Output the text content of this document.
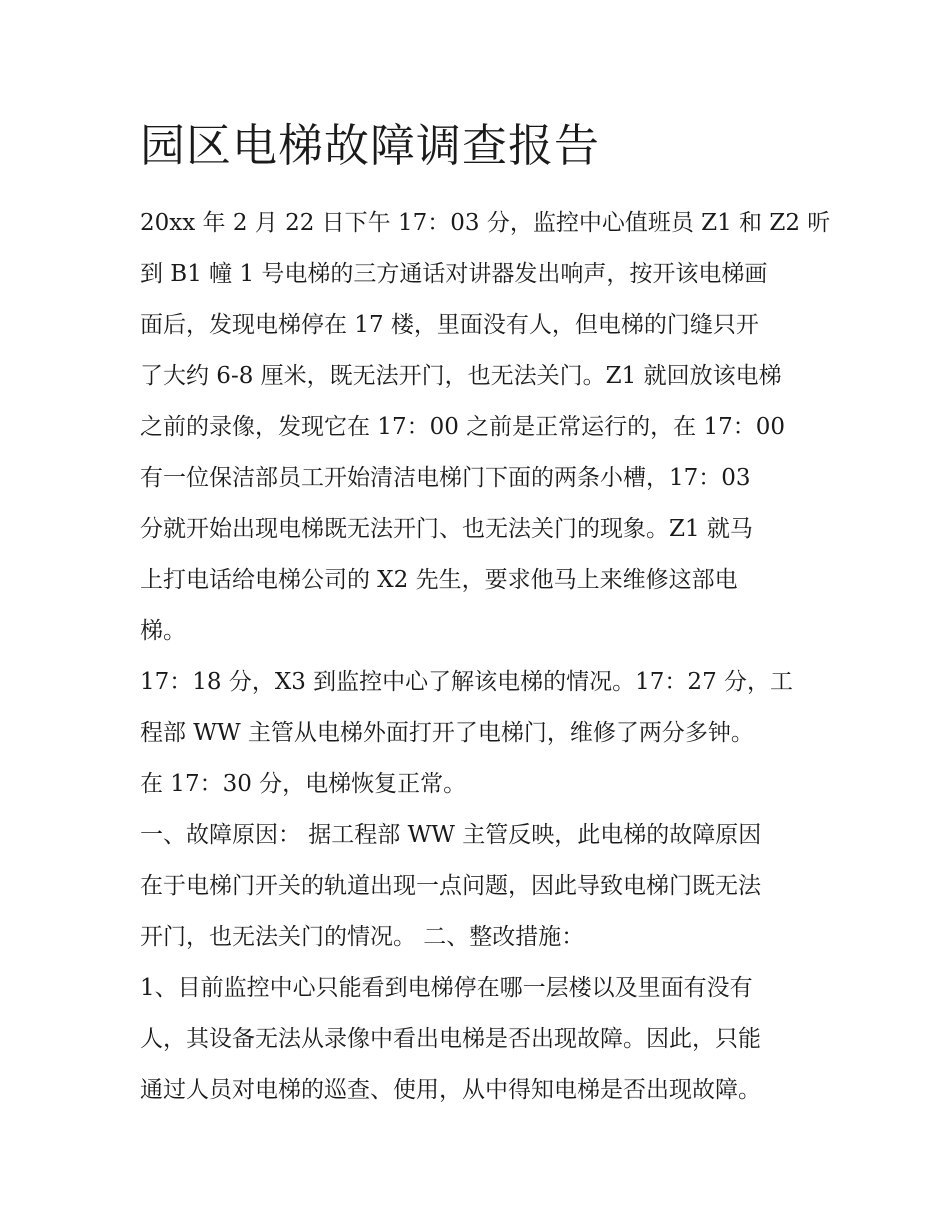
园区电梯故障调查报告
20xx 年 2 月 22 日下午 17：03 分，监控中心值班员 Z1 和 Z2 听
到 B1 幢 1 号电梯的三方通话对讲器发出响声，按开该电梯画
面后，发现电梯停在 17 楼，里面没有人，但电梯的门缝只开
了大约 6-8 厘米，既无法开门，也无法关门。Z1 就回放该电梯
之前的录像，发现它在 17：00 之前是正常运行的，在 17：00
有一位保洁部员工开始清洁电梯门下面的两条小槽，17：03
分就开始出现电梯既无法开门、也无法关门的现象。Z1 就马
上打电话给电梯公司的 X2 先生，要求他马上来维修这部电
梯。
17：18 分，X3 到监控中心了解该电梯的情况。17：27 分，工
程部 WW 主管从电梯外面打开了电梯门，维修了两分多钟。
在 17：30 分，电梯恢复正常。
一、故障原因： 据工程部 WW 主管反映，此电梯的故障原因
在于电梯门开关的轨道出现一点问题，因此导致电梯门既无法
开门，也无法关门的情况。 二、整改措施：
1、目前监控中心只能看到电梯停在哪一层楼以及里面有没有
人，其设备无法从录像中看出电梯是否出现故障。因此，只能
通过人员对电梯的巡查、使用，从中得知电梯是否出现故障。
